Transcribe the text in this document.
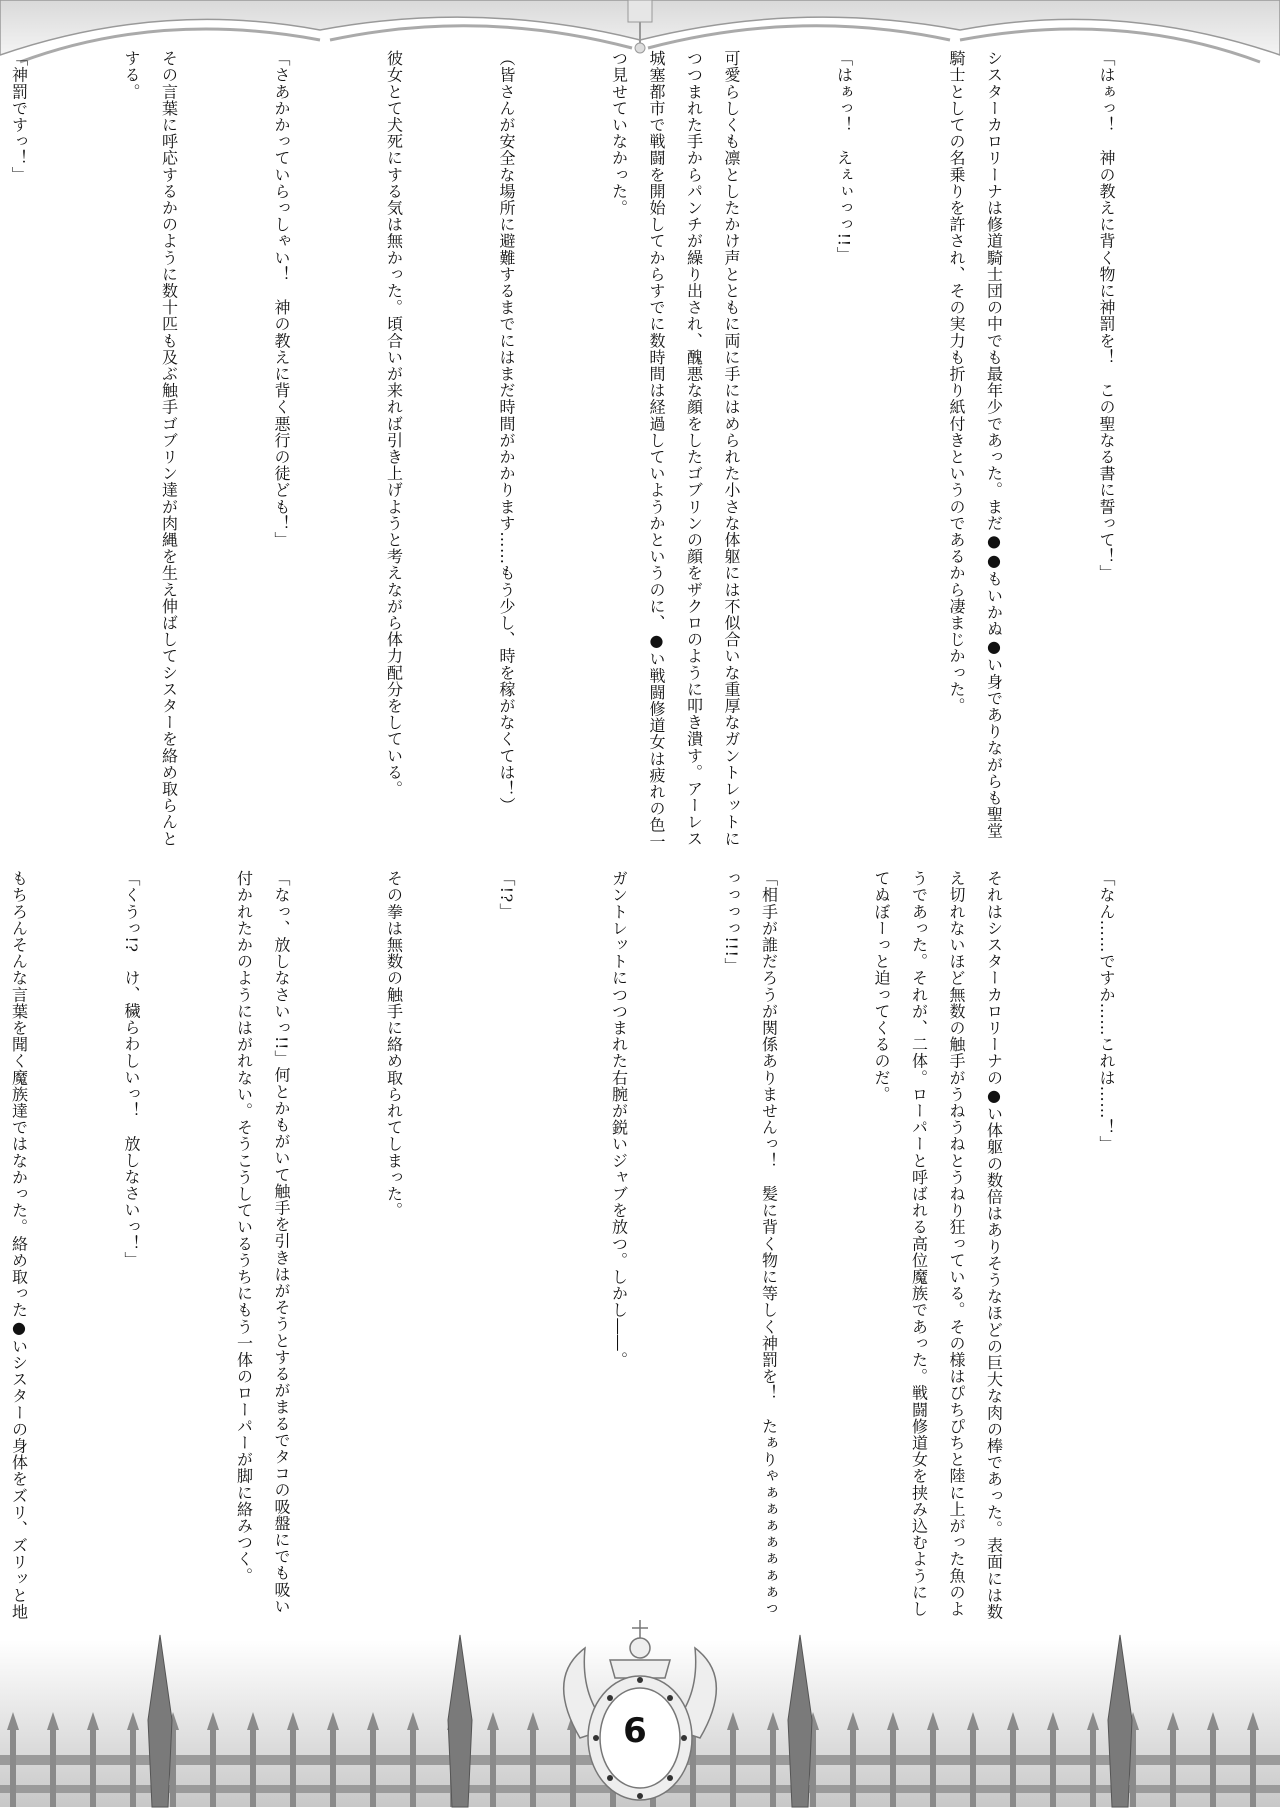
「はぁっ！　神の教えに背く物に神罰を！　この聖なる書に誓って！」

シスターカロリーナは修道騎士団の中でも最年少であった。まだ●●もいかぬ●い身でありながらも聖堂騎士としての名乗りを許され、その実力も折り紙付きというのであるから凄まじかった。

「はぁっ！　えぇぃっっ!!」

可愛らしくも凛としたかけ声とともに両に手にはめられた小さな体躯には不似合いな重厚なガントレットにつつまれた手からパンチが繰り出され、醜悪な顔をしたゴブリンの顔をザクロのように叩き潰す。アーレス城塞都市で戦闘を開始してからすでに数時間は経過していようかというのに、●い戦闘修道女は疲れの色一つ見せていなかった。

（皆さんが安全な場所に避難するまでにはまだ時間がかかります……もう少し、時を稼がなくては！）

彼女とて犬死にする気は無かった。頃合いが来れば引き上げようと考えながら体力配分をしている。

「さあかかっていらっしゃい！　神の教えに背く悪行の徒ども！」

その言葉に呼応するかのように数十匹も及ぶ触手ゴブリン達が肉縄を生え伸ばしてシスターを絡め取らんとする。

「神罰ですっ！」

「なん……ですか……これは……！」

それはシスターカロリーナの●い体躯の数倍はありそうなほどの巨大な肉の棒であった。表面には数え切れないほど無数の触手がうねうねとうねり狂っている。その様はぴちぴちと陸に上がった魚のようであった。それが、二体。ローパーと呼ばれる高位魔族であった。戦闘修道女を挟み込むようにしてぬぼーっと迫ってくるのだ。

「相手が誰だろうが関係ありませんっ！　髪に背く物に等しく神罰を！　たぁりゃぁぁぁぁぁぁぁっっっっっ!!!」

ガントレットにつつまれた右腕が鋭いジャブを放つ。しかし――。

「!?」

その拳は無数の触手に絡め取られてしまった。

「なっ、放しなさいっ!!」何とかもがいて触手を引きはがそうとするがまるでタコの吸盤にでも吸い付かれたかのようにはがれない。そうこうしているうちにもう一体のローパーが脚に絡みつく。

「くうっ!?　け、穢らわしいっ！　放しなさいっ！」

もちろんそんな言葉を聞く魔族達ではなかった。絡め取った●いシスターの身体をズリ、ズリッと地

6
